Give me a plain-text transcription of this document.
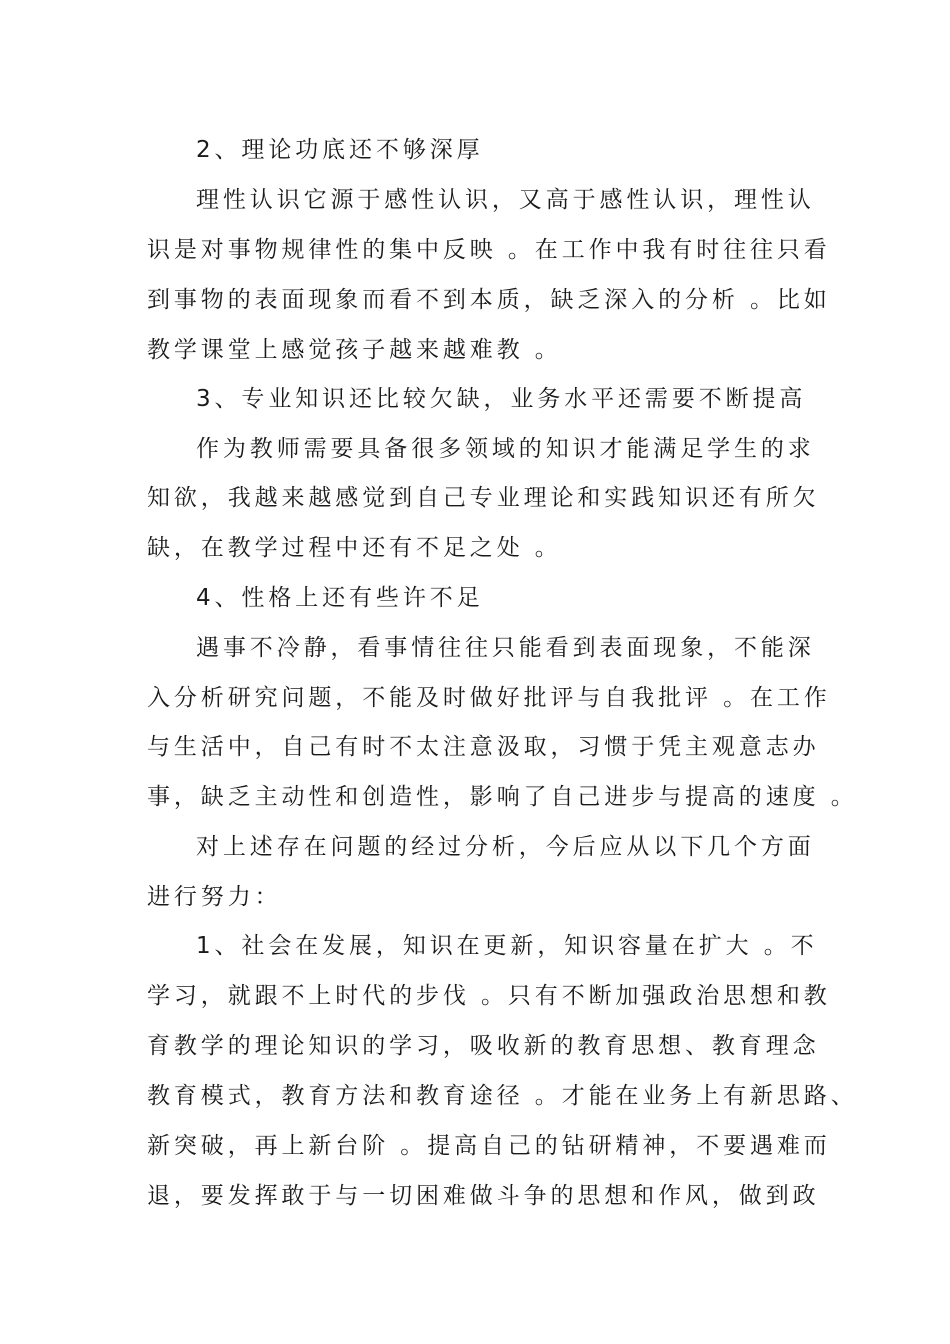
2、理论功底还不够深厚
理性认识它源于感性认识，又高于感性认识，理性认
识是对事物规律性的集中反映 。在工作中我有时往往只看
到事物的表面现象而看不到本质，缺乏深入的分析 。比如
教学课堂上感觉孩子越来越难教 。
3、专业知识还比较欠缺，业务水平还需要不断提高
作为教师需要具备很多领域的知识才能满足学生的求
知欲，我越来越感觉到自己专业理论和实践知识还有所欠
缺，在教学过程中还有不足之处 。
4、性格上还有些许不足
遇事不冷静，看事情往往只能看到表面现象，不能深
入分析研究问题，不能及时做好批评与自我批评 。在工作
与生活中，自己有时不太注意汲取，习惯于凭主观意志办
事，缺乏主动性和创造性，影响了自己进步与提高的速度 。
对上述存在问题的经过分析，今后应从以下几个方面
进行努力：
1、社会在发展，知识在更新，知识容量在扩大 。不
学习，就跟不上时代的步伐 。只有不断加强政治思想和教
育教学的理论知识的学习，吸收新的教育思想、教育理念
教育模式，教育方法和教育途径 。才能在业务上有新思路、
新突破，再上新台阶 。提高自己的钻研精神，不要遇难而
退，要发挥敢于与一切困难做斗争的思想和作风，做到政
